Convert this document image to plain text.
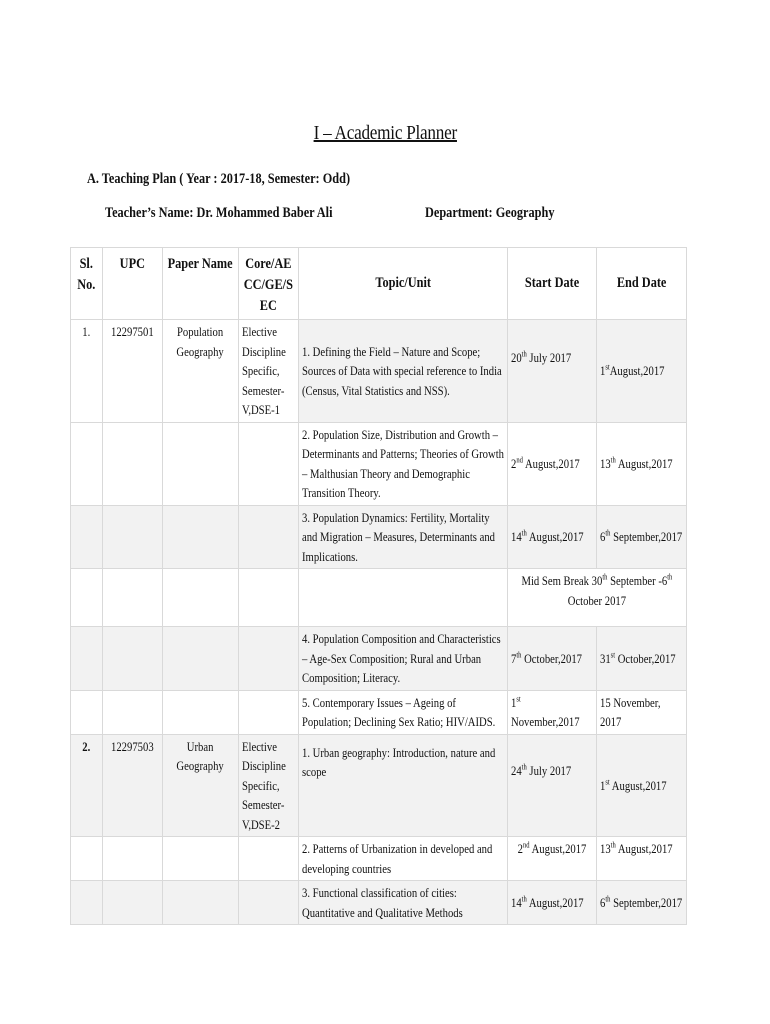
I – Academic Planner
A. Teaching Plan ( Year : 2017-18, Semester: Odd)
Teacher’s Name: Dr. Mohammed Baber Ali	Department: Geography
Sl. No.	UPC	Paper Name	Core/AE CC/GE/S EC	Topic/Unit	Start Date	End Date
1.	12297501	Population Geography	Elective Discipline Specific, Semester-V,DSE-1	1. Defining the Field – Nature and Scope; Sources of Data with special reference to India (Census, Vital Statistics and NSS).	20th July 2017	1stAugust,2017
				2. Population Size, Distribution and Growth – Determinants and Patterns; Theories of Growth – Malthusian Theory and Demographic Transition Theory.	2nd August,2017	13th August,2017
				3. Population Dynamics: Fertility, Mortality and Migration – Measures, Determinants and Implications.	14th August,2017	6th September,2017
					Mid Sem Break 30th September -6th
October 2017	
				4. Population Composition and Characteristics – Age-Sex Composition; Rural and Urban Composition; Literacy.	7th October,2017	31st October,2017
				5. Contemporary Issues – Ageing of Population; Declining Sex Ratio; HIV/AIDS.	1st
November,2017	15 November, 2017
2.	12297503	Urban Geography	Elective Discipline Specific, Semester-V,DSE-2	1. Urban geography: Introduction, nature and scope	24th July 2017	1st August,2017
				2. Patterns of Urbanization in developed and developing countries	2nd August,2017	13th August,2017
				3. Functional classification of cities: Quantitative and Qualitative Methods	14th August,2017	6th September,2017
